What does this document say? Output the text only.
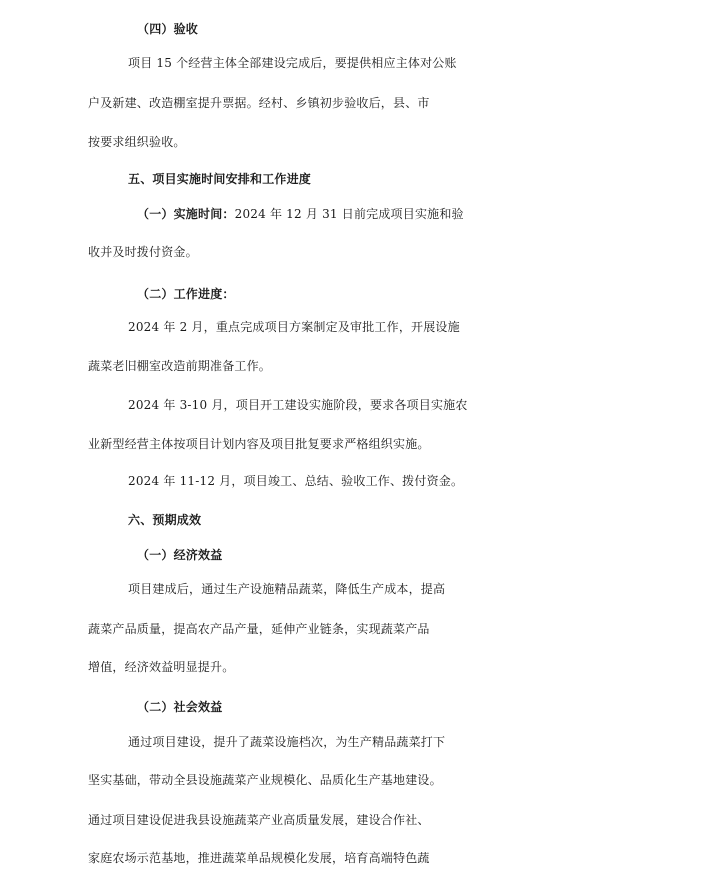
（四）验收
项目 15 个经营主体全部建设完成后，要提供相应主体对公账
户及新建、改造棚室提升票据。经村、乡镇初步验收后，县、市
按要求组织验收。
五、项目实施时间安排和工作进度
（一）实施时间：2024 年 12 月 31 日前完成项目实施和验
收并及时拨付资金。
（二）工作进度：
2024 年 2 月，重点完成项目方案制定及审批工作，开展设施
蔬菜老旧棚室改造前期准备工作。
2024 年 3-10 月，项目开工建设实施阶段，要求各项目实施农
业新型经营主体按项目计划内容及项目批复要求严格组织实施。
2024 年 11-12 月，项目竣工、总结、验收工作、拨付资金。
六、预期成效
（一）经济效益
项目建成后，通过生产设施精品蔬菜，降低生产成本，提高
蔬菜产品质量，提高农产品产量，延伸产业链条，实现蔬菜产品
增值，经济效益明显提升。
（二）社会效益
通过项目建设，提升了蔬菜设施档次，为生产精品蔬菜打下
坚实基础，带动全县设施蔬菜产业规模化、品质化生产基地建设。
通过项目建设促进我县设施蔬菜产业高质量发展，建设合作社、
家庭农场示范基地，推进蔬菜单品规模化发展，培育高端特色蔬
